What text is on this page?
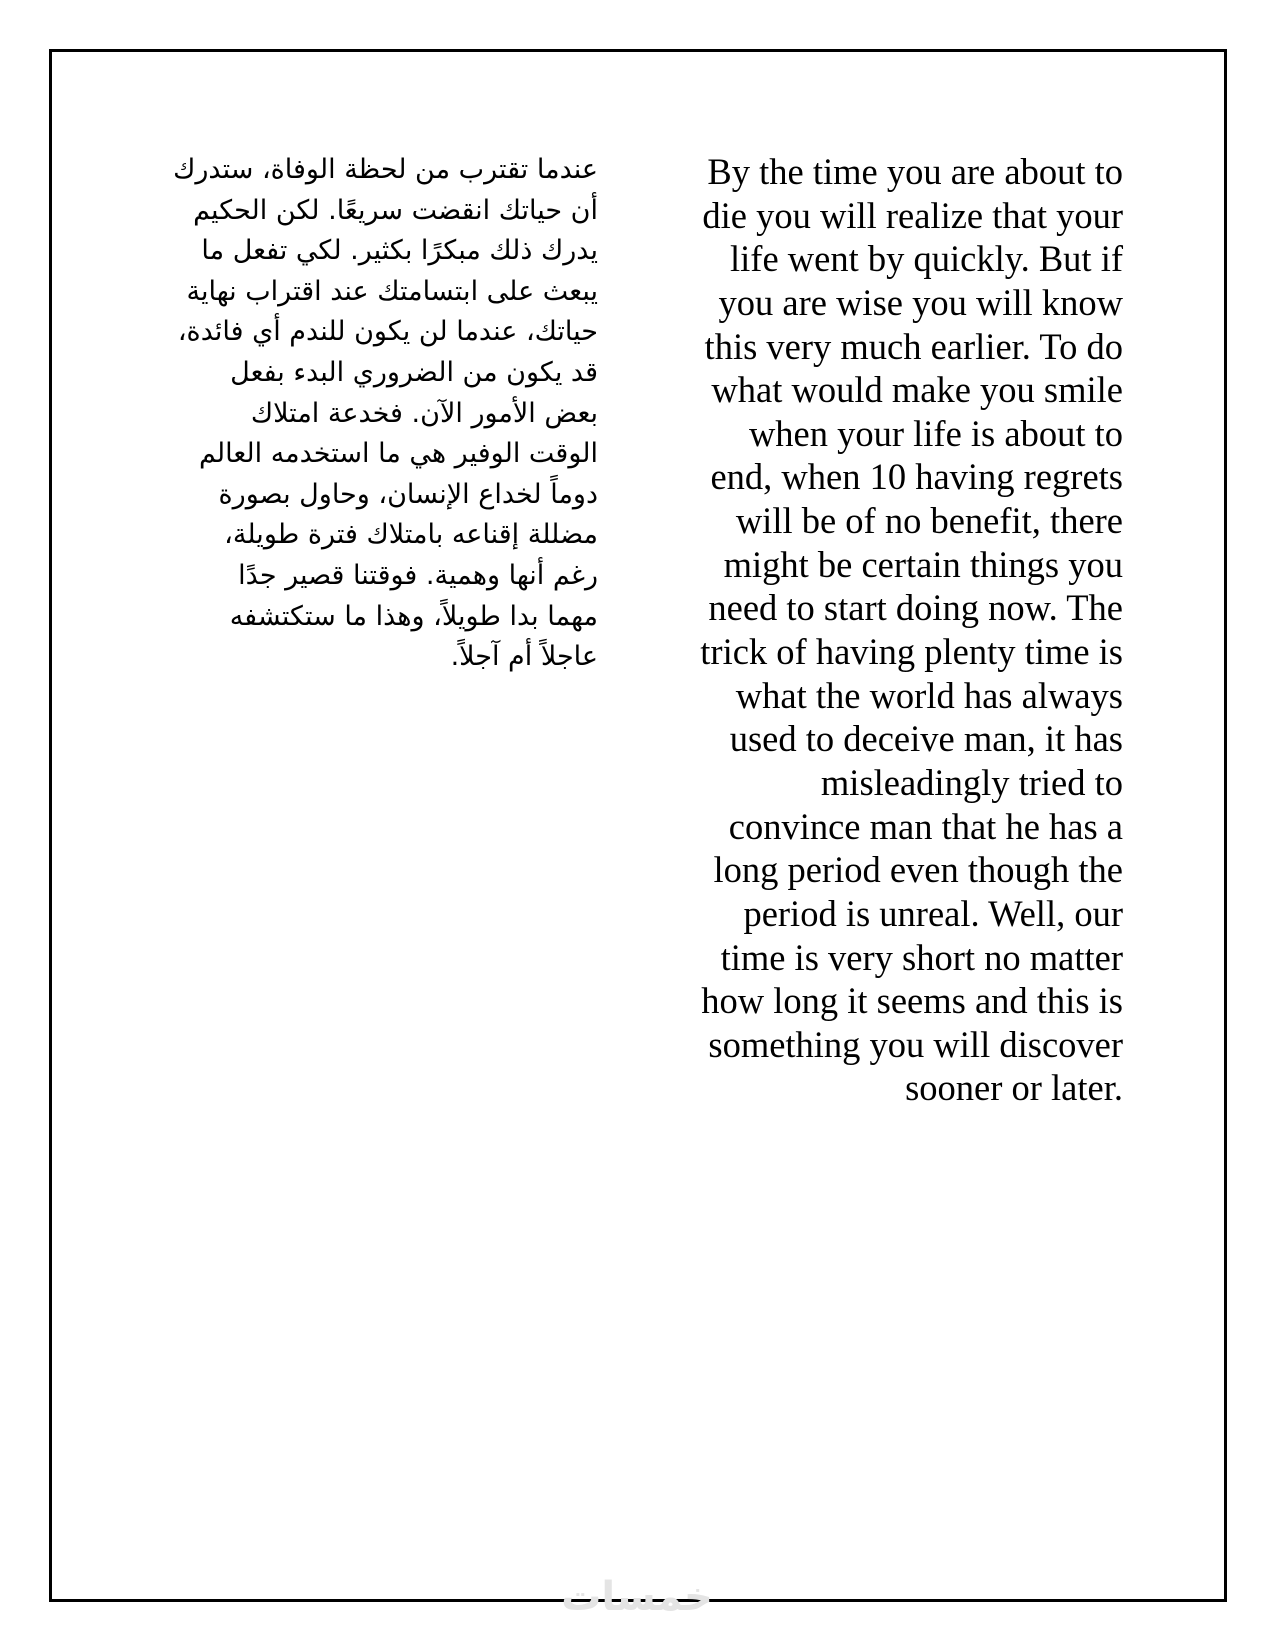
عندما تقترب من لحظة الوفاة، ستدرك
أن حياتك انقضت سريعًا. لكن الحكيم
يدرك ذلك مبكرًا بكثير. لكي تفعل ما
يبعث على ابتسامتك عند اقتراب نهاية
حياتك، عندما لن يكون للندم أي فائدة،
قد يكون من الضروري البدء بفعل
بعض الأمور الآن. فخدعة امتلاك
الوقت الوفير هي ما استخدمه العالم
دوماً لخداع الإنسان، وحاول بصورة
مضللة إقناعه بامتلاك فترة طويلة،
رغم أنها وهمية. فوقتنا قصير جدًا
مهما بدا طويلاً، وهذا ما ستكتشفه
عاجلاً أم آجلاً.
By the time you are about to
die you will realize that your
life went by quickly. But if
you are wise you will know
this very much earlier. To do
what would make you smile
when your life is about to
end, when 10 having regrets
will be of no benefit, there
might be certain things you
need to start doing now. The
trick of having plenty time is
what the world has always
used to deceive man, it has
misleadingly tried to
convince man that he has a
long period even though the
period is unreal. Well, our
time is very short no matter
how long it seems and this is
something you will discover
sooner or later.
خمسات
